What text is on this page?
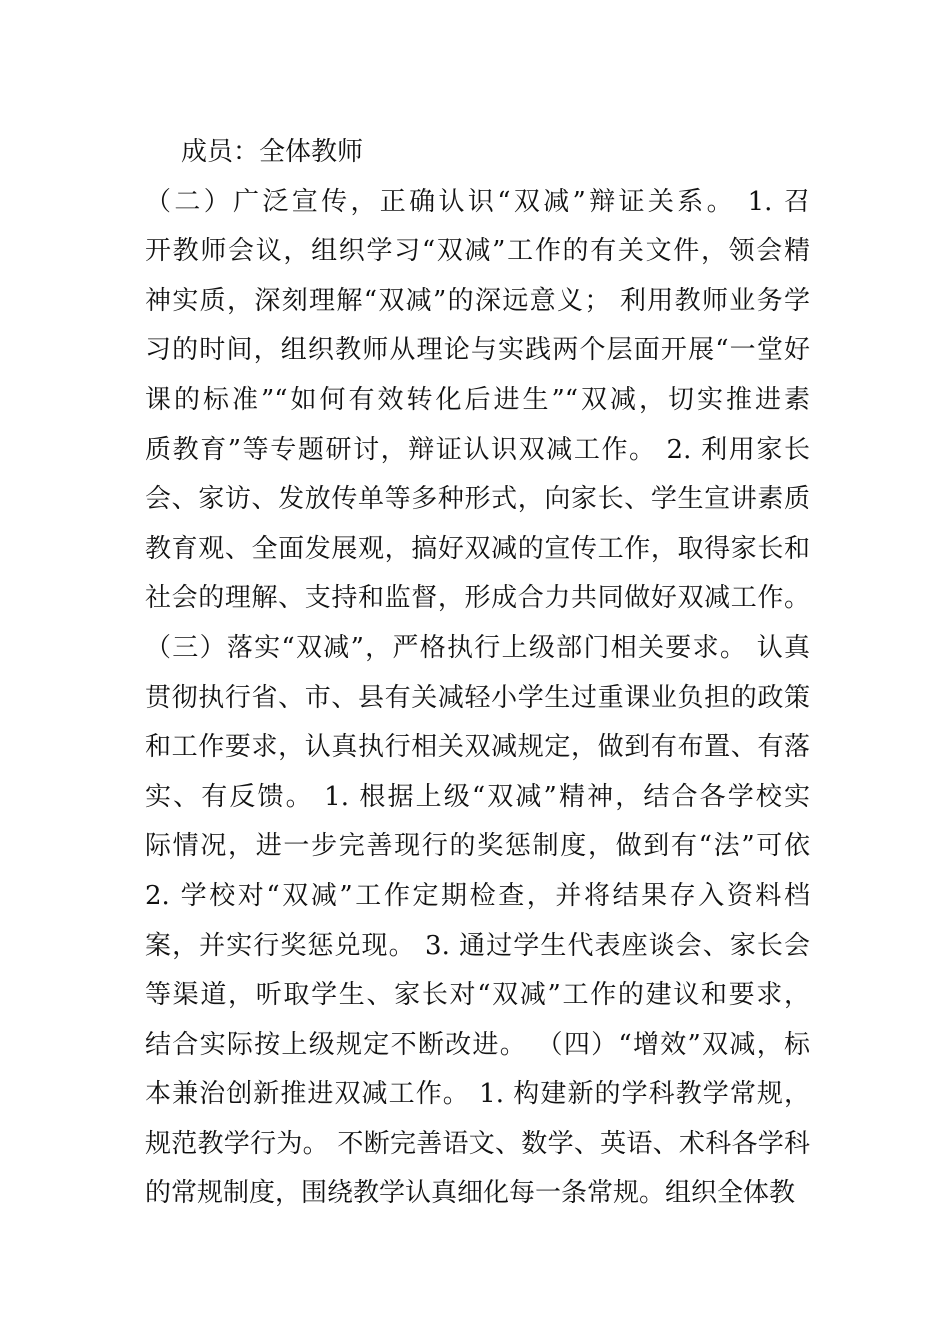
成员：全体教师
（二）广泛宣传，正确认识“双减”辩证关系。 1. 召
开教师会议，组织学习“双减”工作的有关文件，领会精
神实质，深刻理解“双减”的深远意义； 利用教师业务学
习的时间，组织教师从理论与实践两个层面开展“一堂好
课的标准”“如何有效转化后进生”“双减，切实推进素
质教育”等专题研讨，辩证认识双减工作。 2. 利用家长
会、家访、发放传单等多种形式，向家长、学生宣讲素质
教育观、全面发展观，搞好双减的宣传工作，取得家长和
社会的理解、支持和监督，形成合力共同做好双减工作。
（三）落实“双减”，严格执行上级部门相关要求。 认真
贯彻执行省、市、县有关减轻小学生过重课业负担的政策
和工作要求，认真执行相关双减规定，做到有布置、有落
实、有反馈。 1. 根据上级“双减”精神，结合各学校实
际情况，进一步完善现行的奖惩制度，做到有“法”可依
2. 学校对“双减”工作定期检查，并将结果存入资料档
案，并实行奖惩兑现。 3. 通过学生代表座谈会、家长会
等渠道，听取学生、家长对“双减”工作的建议和要求，
结合实际按上级规定不断改进。 （四）“增效”双减，标
本兼治创新推进双减工作。 1. 构建新的学科教学常规，
规范教学行为。 不断完善语文、数学、英语、术科各学科
的常规制度，围绕教学认真细化每一条常规。组织全体教
